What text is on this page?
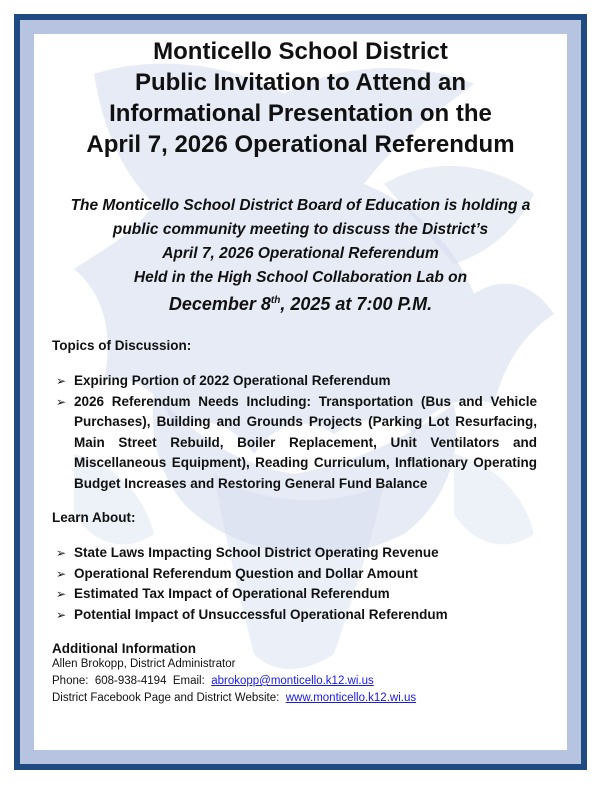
Monticello School District
Public Invitation to Attend an
Informational Presentation on the
April 7, 2026 Operational Referendum
The Monticello School District Board of Education is holding a
public community meeting to discuss the District’s
April 7, 2026 Operational Referendum
Held in the High School Collaboration Lab on
December 8th, 2025 at 7:00 P.M.
Topics of Discussion:
➢ Expiring Portion of 2022 Operational Referendum
➢ 2026 Referendum Needs Including: Transportation (Bus and Vehicle Purchases), Building and Grounds Projects (Parking Lot Resurfacing, Main Street Rebuild, Boiler Replacement, Unit Ventilators and Miscellaneous Equipment), Reading Curriculum, Inflationary Operating Budget Increases and Restoring General Fund Balance
Learn About:
➢ State Laws Impacting School District Operating Revenue
➢ Operational Referendum Question and Dollar Amount
➢ Estimated Tax Impact of Operational Referendum
➢ Potential Impact of Unsuccessful Operational Referendum
Additional Information
Allen Brokopp, District Administrator
Phone: 608-938-4194 Email: abrokopp@monticello.k12.wi.us
District Facebook Page and District Website: www.monticello.k12.wi.us
